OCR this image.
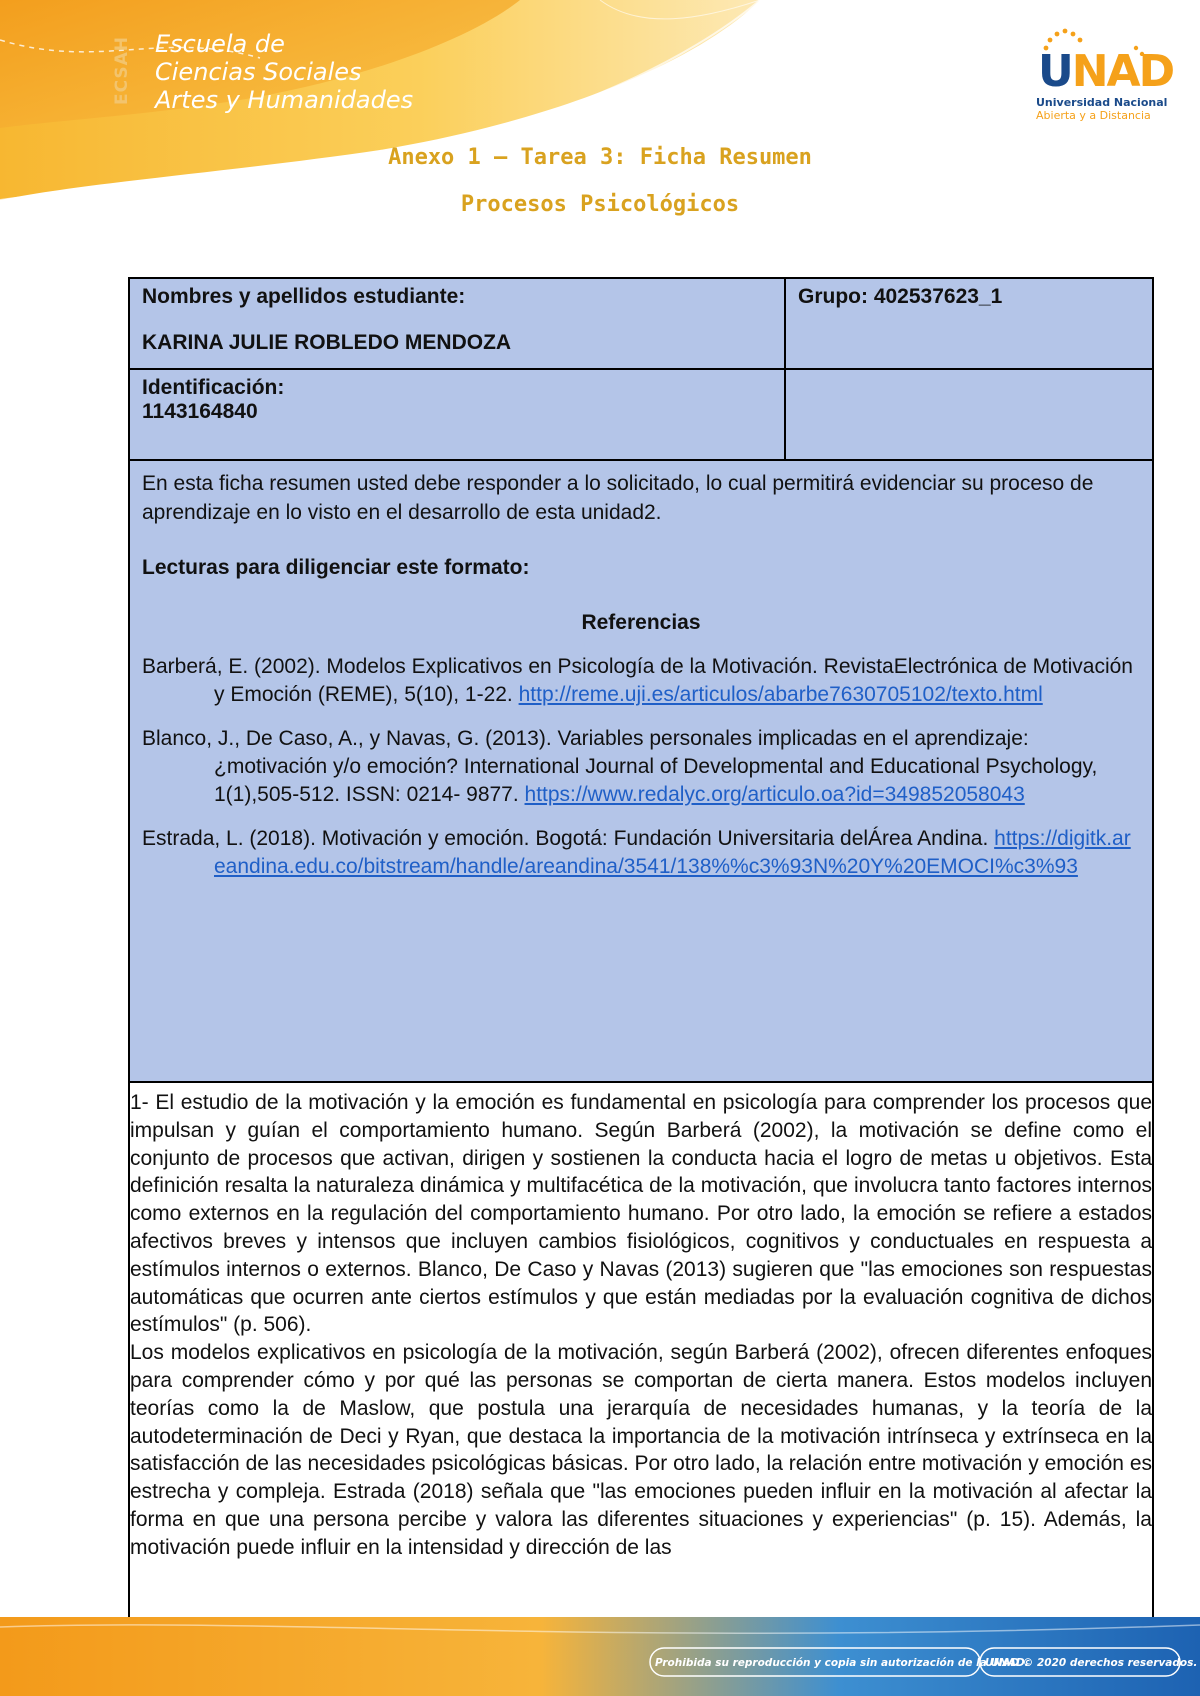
ECSAH Escuela de
Ciencias Sociales
Artes y Humanidades
UNAD
Universidad Nacional
Abierta y a Distancia
Anexo 1 – Tarea 3: Ficha Resumen
Procesos Psicológicos
Nombres y apellidos estudiante:
KARINA JULIE ROBLEDO MENDOZA
Grupo: 402537623_1
Identificación:
1143164840

En esta ficha resumen usted debe responder a lo solicitado, lo cual permitirá evidenciar su proceso de aprendizaje en lo visto en el desarrollo de esta unidad2.

Lecturas para diligenciar este formato:

Referencias

Barberá, E. (2002). Modelos Explicativos en Psicología de la Motivación. RevistaElectrónica de Motivación y Emoción (REME), 5(10), 1-22. http://reme.uji.es/articulos/abarbe7630705102/texto.html

Blanco, J., De Caso, A., y Navas, G. (2013). Variables personales implicadas en el aprendizaje: ¿motivación y/o emoción? International Journal of Developmental and Educational Psychology, 1(1),505-512. ISSN: 0214- 9877. https://www.redalyc.org/articulo.oa?id=349852058043

Estrada, L. (2018). Motivación y emoción. Bogotá: Fundación Universitaria delÁrea Andina. https://digitk.areandina.edu.co/bitstream/handle/areandina/3541/138%%c3%93N%20Y%20EMOCI%c3%93

1- El estudio de la motivación y la emoción es fundamental en psicología para comprender los procesos que impulsan y guían el comportamiento humano. Según Barberá (2002), la motivación se define como el conjunto de procesos que activan, dirigen y sostienen la conducta hacia el logro de metas u objetivos. Esta definición resalta la naturaleza dinámica y multifacética de la motivación, que involucra tanto factores internos como externos en la regulación del comportamiento humano. Por otro lado, la emoción se refiere a estados afectivos breves y intensos que incluyen cambios fisiológicos, cognitivos y conductuales en respuesta a estímulos internos o externos. Blanco, De Caso y Navas (2013) sugieren que "las emociones son respuestas automáticas que ocurren ante ciertos estímulos y que están mediadas por la evaluación cognitiva de dichos estímulos" (p. 506).

Los modelos explicativos en psicología de la motivación, según Barberá (2002), ofrecen diferentes enfoques para comprender cómo y por qué las personas se comportan de cierta manera. Estos modelos incluyen teorías como la de Maslow, que postula una jerarquía de necesidades humanas, y la teoría de la autodeterminación de Deci y Ryan, que destaca la importancia de la motivación intrínseca y extrínseca en la satisfacción de las necesidades psicológicas básicas. Por otro lado, la relación entre motivación y emoción es estrecha y compleja. Estrada (2018) señala que "las emociones pueden influir en la motivación al afectar la forma en que una persona percibe y valora las diferentes situaciones y experiencias" (p. 15). Además, la motivación puede influir en la intensidad y dirección de las

Prohibida su reproducción y copia sin autorización de la UNAD.
UNAD © 2020 derechos reservados.
